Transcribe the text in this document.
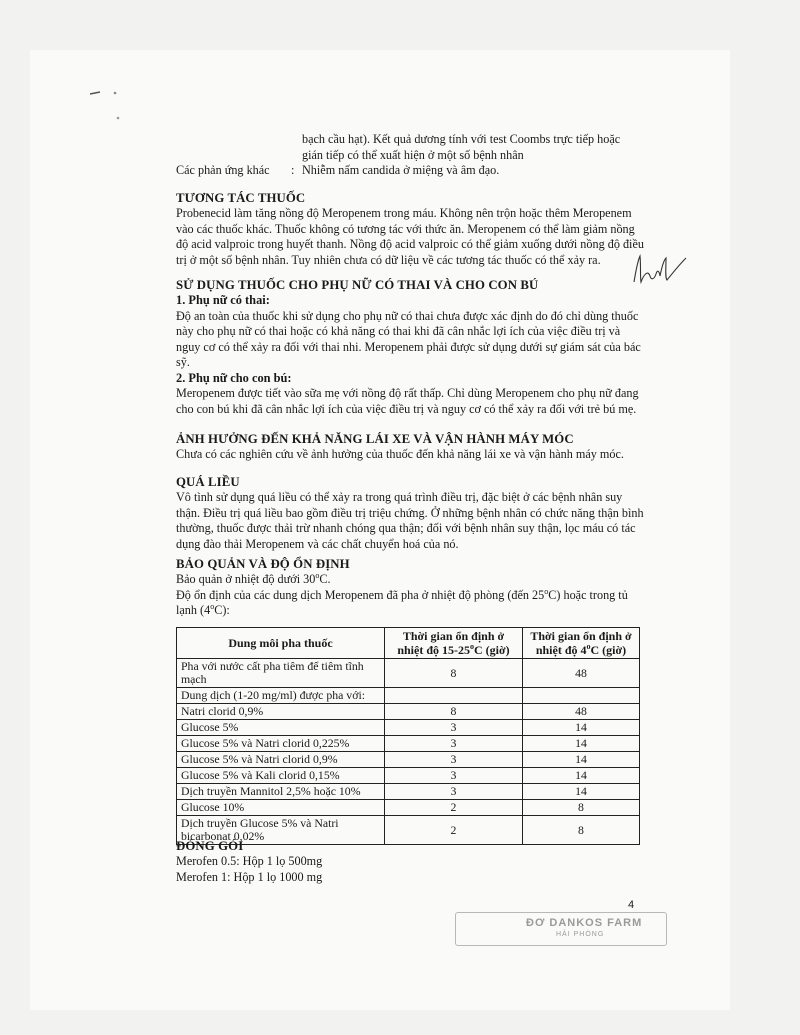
bạch cầu hạt). Kết quả dương tính với test Coombs trực tiếp hoặc

gián tiếp có thể xuất hiện ở một số bệnh nhân

Các phản ứng khác	: Nhiễm nấm candida ở miệng và âm đạo.
TƯƠNG TÁC THUỐC

Probenecid làm tăng nồng độ Meropenem trong máu. Không nên trộn hoặc thêm Meropenem vào các thuốc khác. Thuốc không có tương tác với thức ăn. Meropenem có thể làm giảm nồng độ acid valproic trong huyết thanh. Nồng độ acid valproic có thể giảm xuống dưới nồng độ điều trị ở một số bệnh nhân. Tuy nhiên chưa có dữ liệu về các tương tác thuốc có thể xảy ra.

SỬ DỤNG THUỐC CHO PHỤ NỮ CÓ THAI VÀ CHO CON BÚ
1. Phụ nữ có thai:

Độ an toàn của thuốc khi sử dụng cho phụ nữ có thai chưa được xác định do đó chỉ dùng thuốc này cho phụ nữ có thai hoặc có khả năng có thai khi đã cân nhắc lợi ích của việc điều trị và nguy cơ có thể xảy ra đối với thai nhi. Meropenem phải được sử dụng dưới sự giám sát của bác sỹ.

2. Phụ nữ cho con bú:

Meropenem được tiết vào sữa mẹ với nồng độ rất thấp. Chỉ dùng Meropenem cho phụ nữ đang cho con bú khi đã cân nhắc lợi ích của việc điều trị và nguy cơ có thể xảy ra đối với trẻ bú mẹ.

ẢNH HƯỞNG ĐẾN KHẢ NĂNG LÁI XE VÀ VẬN HÀNH MÁY MÓC

Chưa có các nghiên cứu về ảnh hưởng của thuốc đến khả năng lái xe và vận hành máy móc.

QUÁ LIỀU

Vô tình sử dụng quá liều có thể xảy ra trong quá trình điều trị, đặc biệt ở các bệnh nhân suy thận. Điều trị quá liều bao gồm điều trị triệu chứng. Ở những bệnh nhân có chức năng thận bình thường, thuốc được thải trừ nhanh chóng qua thận; đối với bệnh nhân suy thận, lọc máu có tác dụng đào thải Meropenem và các chất chuyển hoá của nó.

BẢO QUẢN VÀ ĐỘ ỔN ĐỊNH

Bảo quản ở nhiệt độ dưới 30$^o$C.

Độ ổn định của các dung dịch Meropenem đã pha ở nhiệt độ phòng (đến 25$^o$C) hoặc trong tủ lạnh (4$^o$C):

Dung môi pha thuốc	Thời gian ổn định ở nhiệt độ 15-25$^o$C (giờ)	Thời gian ổn định ở nhiệt độ 4$^o$C (giờ)
Pha với nước cất pha tiêm để tiêm tĩnh mạch	8	48
Dung dịch (1-20 mg/ml) được pha với:		
Natri clorid 0,9%	8	48
Glucose 5%	3	14
Glucose 5% và Natri clorid 0,225%	3	14
Glucose 5% và Natri clorid 0,9%	3	14
Glucose 5% và Kali clorid 0,15%	3	14
Dịch truyền Mannitol 2,5% hoặc 10%	3	14
Glucose 10%	2	8
Dịch truyền Glucose 5% và Natri bicarbonat 0,02%	2	8
ĐÓNG GÓI

Merofen 0.5: Hộp 1 lọ 500mg

Merofen 1: Hộp 1 lọ 1000 mg

4
ĐƠ DANKOS FARM
HẢI PHÒNG
